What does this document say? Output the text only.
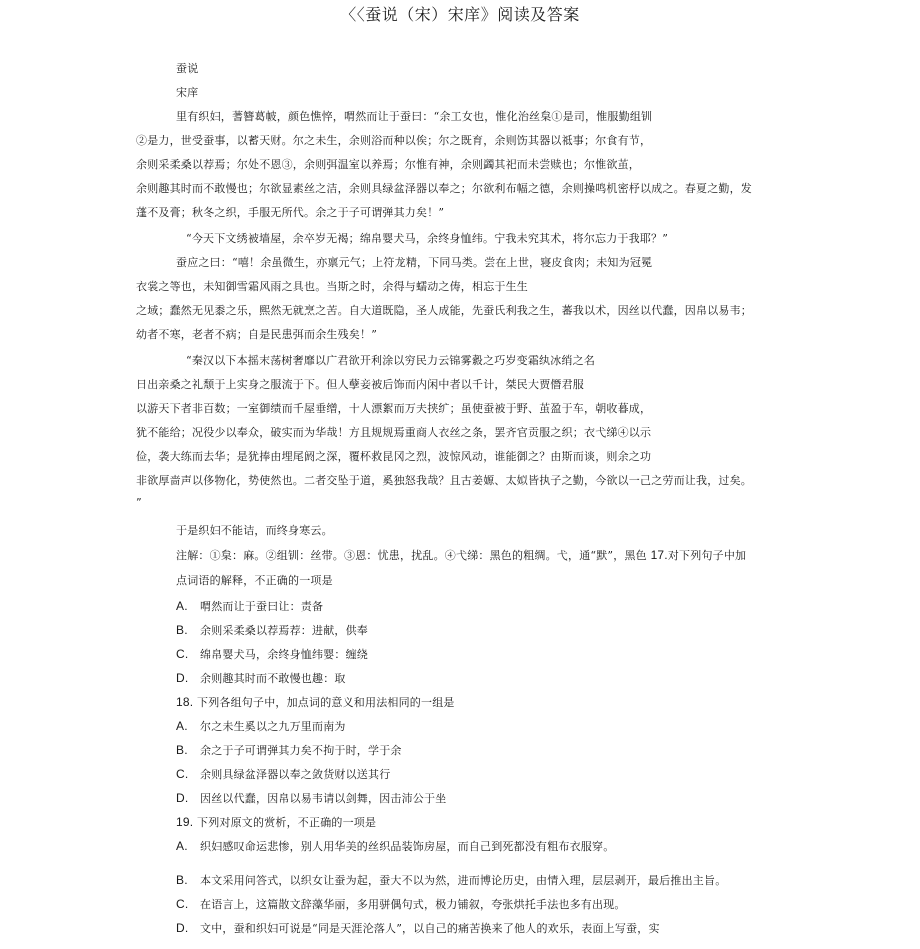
〈〈蚕说（宋）宋庠》阅读及答案
蚕说
宋庠
里有织妇，蓍簪葛帔，颜色憔悴，喟然而让于蚕曰：“余工女也，惟化治丝枲①是司，惟服勤组钏
②是力，世受蚕事，以蓄天财。尔之未生，余则浴而种以俟；尔之既育，余则饬其器以祗事；尔食有节，
余则采柔桑以荐焉；尔处不恩③，余则弭温室以养焉；尔惟有神，余则蠲其祀而未尝赎也；尔惟欲茧，
余则趣其时而不敢慢也；尔欲显素丝之洁，余则具绿盆泽器以奉之；尔欲利布幅之德，余则操鸣机密杼以成之。春夏之勤，发
蓬不及膏；秋冬之织，手服无所代。余之于子可谓弹其力矣！”
“今天下文绣被墙屋，余卒岁无褐；绵帛婴犬马，余终身恤纬。宁我未究其术，将尔忘力于我耶？”
蚕应之曰：“嘻！余虽微生，亦禀元气；上符龙精，下同马类。尝在上世，寝皮食肉；未知为冠冕
衣裳之等也，未知御雪霜风雨之具也。当斯之时，余得与蠕动之俦，相忘于生生
之域；蠢然无见黍之乐，熙然无就烹之苦。自大道既隐，圣人成能，先蚕氏利我之生，蕃我以术，因丝以代蠢，因帛以易韦；
幼者不寒，老者不病；自是民患弭而余生残矣！”
“秦汉以下本摇末荡树奢靡以广君欲开利涂以穷民力云锦雾縠之巧岁变霜纨冰绡之名
日出亲桑之礼颓于上实身之服流于下。但人孽妾被后饰而内闲中者以千计，桀民大贾僭君服
以游天下者非百数；一室御绩而千屋垂缯，十人漂絮而万夫挟纩；虽使蚕被于野、茧盈于车，朝收暮成，
犹不能给；况役少以奉众，破实而为华哉！方且规规焉重商人衣丝之条，罢齐官贡服之织；衣弋绨④以示
俭，袭大练而去华；是犹捧由埋尾阏之深，覆杯救昆冈之烈，波惊风动，谁能御之？由斯而谈，则余之功
非欲厚啬声以侈物化，势使然也。二者交坠于道，奚独怒我哉？且古姜嫄、太姒皆执子之勤，今欲以一己之劳而让我，过矣。
”
于是织妇不能诘，而终身寒云。
注解：①枲：麻。②组钏：丝带。③恩：忧患，扰乱。④弋绨：黑色的粗绸。弋，通“默”，黑色 17.对下列句子中加
点词语的解释，不正确的一项是
A. 喟然而让于蚕曰让：责备
B. 余则采柔桑以荐焉荐：进献，供奉
C. 绵帛婴犬马，余终身恤纬婴：缠绕
D. 余则趣其时而不敢慢也趣：取
18. 下列各组句子中，加点词的意义和用法相同的一组是
A. 尔之未生奚以之九万里而南为
B. 余之于子可谓弹其力矣不拘于时，学于余
C. 余则具绿盆泽器以奉之敛货财以送其行
D. 因丝以代蠢，因帛以易韦请以剑舞，因击沛公于坐
19. 下列对原文的赏析，不正确的一项是
A. 织妇感叹命运悲惨，别人用华美的丝织品装饰房屋，而自己到死都没有粗布衣服穿。
B. 本文采用问答式，以织女让蚕为起，蚕大不以为然，进而博论历史，由情入理，层层剥开，最后推出主旨。
C. 在语言上，这篇散文辞藻华丽，多用骈偶句式，极力铺叙，夸张烘托手法也多有出现。
D. 文中，蚕和织妇可说是“同是天涯沦落人”，以自己的痛苦换来了他人的欢乐，表面上写蚕，实
